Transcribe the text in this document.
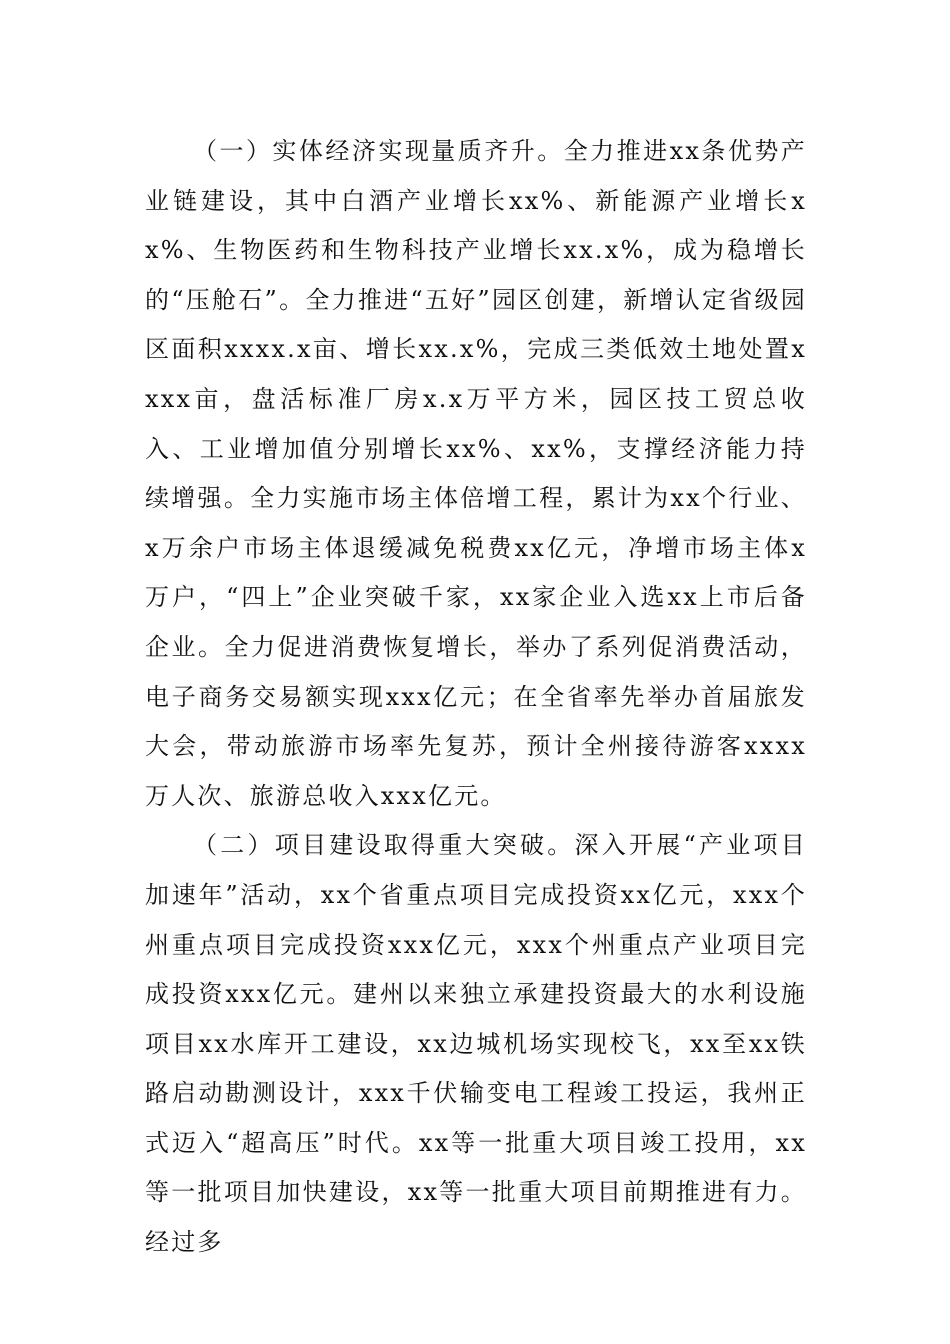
（一）实体经济实现量质齐升。全力推进xx条优势产业链建设，其中白酒产业增长xx%、新能源产业增长xx%、生物医药和生物科技产业增长xx.x%，成为稳增长的“压舱石”。全力推进“五好”园区创建，新增认定省级园区面积xxxx.x亩、增长xx.x%，完成三类低效土地处置xxxx亩，盘活标准厂房x.x万平方米，园区技工贸总收入、工业增加值分别增长xx%、xx%，支撑经济能力持续增强。全力实施市场主体倍增工程，累计为xx个行业、x万余户市场主体退缓减免税费xx亿元，净增市场主体x万户，“四上”企业突破千家，xx家企业入选xx上市后备企业。全力促进消费恢复增长，举办了系列促消费活动，电子商务交易额实现xxx亿元；在全省率先举办首届旅发大会，带动旅游市场率先复苏，预计全州接待游客xxxx万人次、旅游总收入xxx亿元。

（二）项目建设取得重大突破。深入开展“产业项目加速年”活动，xx个省重点项目完成投资xx亿元，xxx个州重点项目完成投资xxx亿元，xxx个州重点产业项目完成投资xxx亿元。建州以来独立承建投资最大的水利设施项目xx水库开工建设，xx边城机场实现校飞，xx至xx铁路启动勘测设计，xxx千伏输变电工程竣工投运，我州正式迈入“超高压”时代。xx等一批重大项目竣工投用，xx等一批项目加快建设，xx等一批重大项目前期推进有力。经过多
